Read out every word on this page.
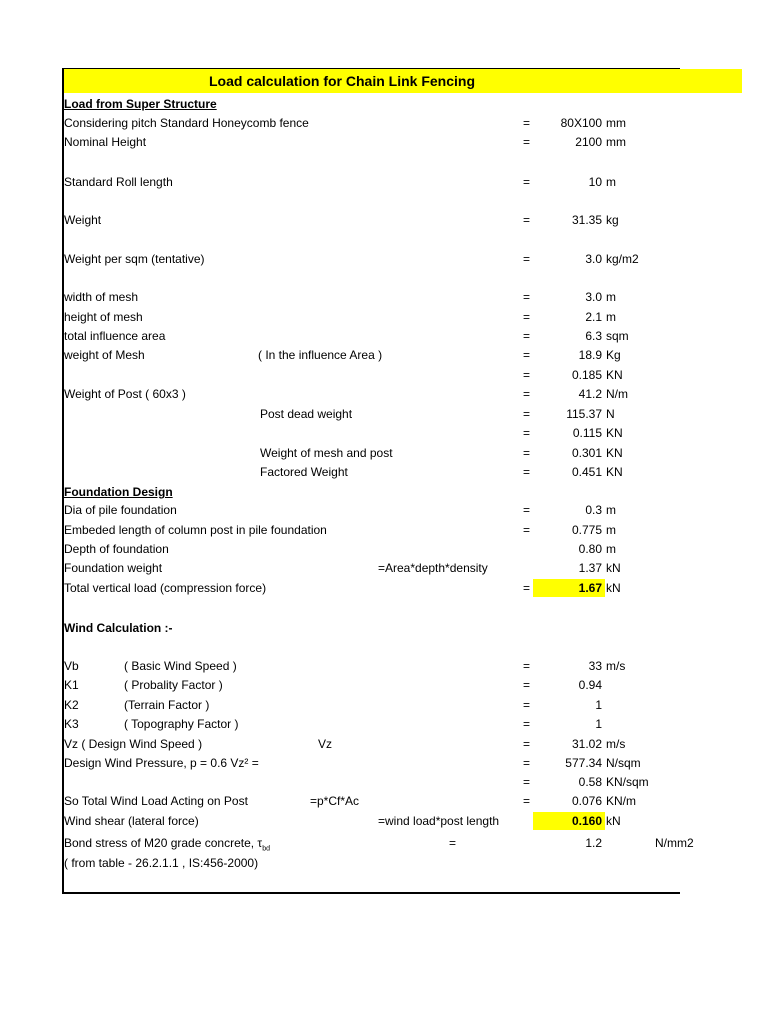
Load calculation for Chain Link Fencing
Load from Super Structure
Foundation Design
Wind Calculation :-
Considering pitch Standard Honeycomb fence	=	80X100 mm
Nominal Height	=	2100 mm
Standard Roll length	=	10 m
Weight	=	31.35 kg
Weight per sqm (tentative)	=	3.0 kg/m2
width of mesh	=	3.0 m
height of mesh	=	2.1 m
total influence area	=	6.3 sqm
weight of Mesh	( In the influence Area )	=	18.9 Kg
=	0.185 KN
Weight of Post ( 60x3 )	=	41.2 N/m
Post dead weight	=	115.37 N
=	0.115 KN
Weight of mesh and post	=	0.301 KN
Factored Weight	=	0.451 KN
Dia of pile foundation	=	0.3 m
Embeded length of column post in pile foundation	=	0.775 m
Depth of foundation	0.80 m
Foundation weight	=Area*depth*density	1.37 kN
Total vertical load (compression force)	=	1.67 kN
Vb	( Basic Wind Speed )	=	33 m/s
K1	( Probality Factor )	=	0.94
K2	(Terrain Factor )	=	1
K3	( Topography Factor )	=	1
Vz ( Design Wind Speed )	Vz	=	31.02 m/s
Design Wind Pressure, p = 0.6 Vz² =	=	577.34 N/sqm
=	0.58 KN/sqm
So Total Wind Load Acting on Post	=p*Cf*Ac	=	0.076 KN/m
Wind shear (lateral force)	=wind load*post length	0.160 kN
Bond stress of M20 grade concrete, $\tau_{bd}$	=	1.2	N/mm2
( from table - 26.2.1.1 , IS:456-2000)
